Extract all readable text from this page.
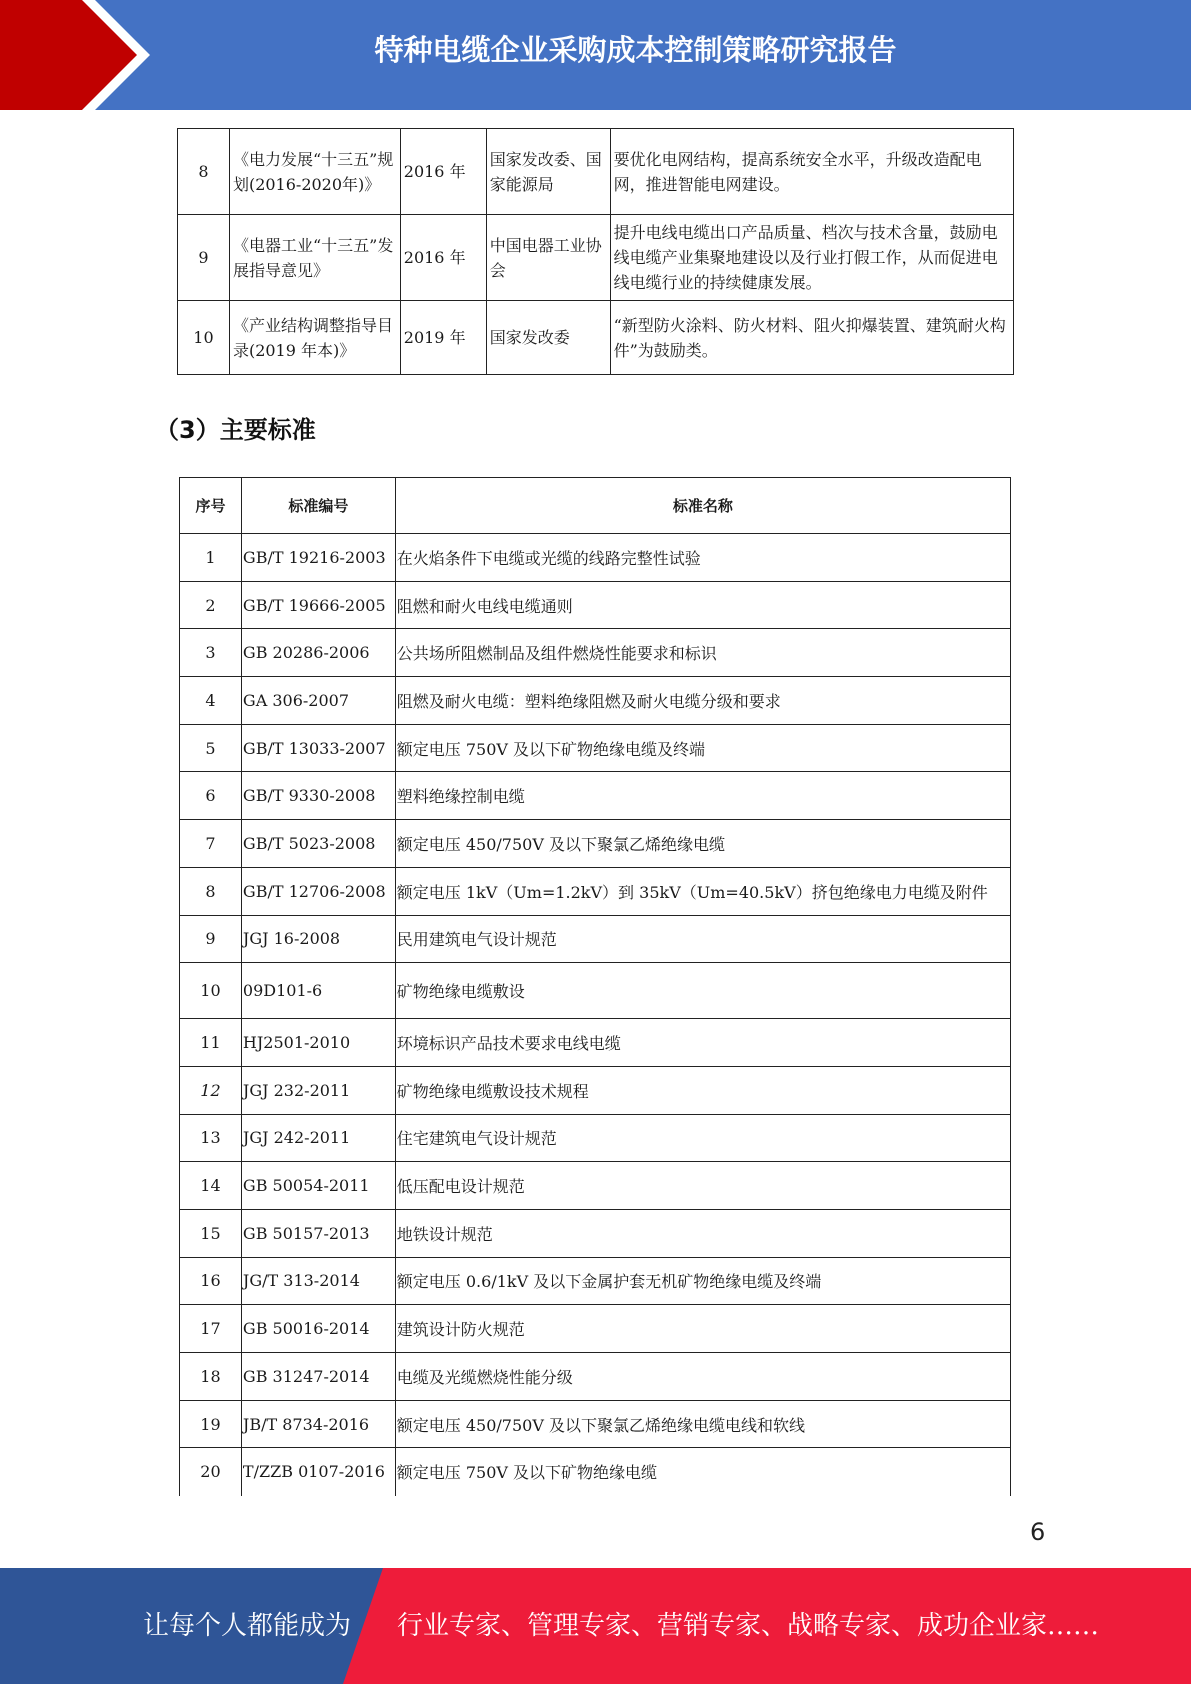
特种电缆企业采购成本控制策略研究报告
8	《电力发展“十三五”规划(2016-2020年)》	2016 年	国家发改委、国家能源局	要优化电网结构，提高系统安全水平，升级改造配电网，推进智能电网建设。
9	《电器工业“十三五”发展指导意见》	2016 年	中国电器工业协会	提升电线电缆出口产品质量、档次与技术含量，鼓励电线电缆产业集聚地建设以及行业打假工作，从而促进电线电缆行业的持续健康发展。
10	《产业结构调整指导目录(2019 年本)》	2019 年	国家发改委	“新型防火涂料、防火材料、阻火抑爆装置、建筑耐火构件”为鼓励类。
（3）主要标准
序号	标准编号	标准名称
1	GB/T 19216-2003	在火焰条件下电缆或光缆的线路完整性试验
2	GB/T 19666-2005	阻燃和耐火电线电缆通则
3	GB 20286-2006	公共场所阻燃制品及组件燃烧性能要求和标识
4	GA 306-2007	阻燃及耐火电缆：塑料绝缘阻燃及耐火电缆分级和要求
5	GB/T 13033-2007	额定电压 750V 及以下矿物绝缘电缆及终端
6	GB/T 9330-2008	塑料绝缘控制电缆
7	GB/T 5023-2008	额定电压 450/750V 及以下聚氯乙烯绝缘电缆
8	GB/T 12706-2008	额定电压 1kV（Um=1.2kV）到 35kV（Um=40.5kV）挤包绝缘电力电缆及附件
9	JGJ 16-2008	民用建筑电气设计规范
10	09D101-6	矿物绝缘电缆敷设
11	HJ2501-2010	环境标识产品技术要求电线电缆
12	JGJ 232-2011	矿物绝缘电缆敷设技术规程
13	JGJ 242-2011	住宅建筑电气设计规范
14	GB 50054-2011	低压配电设计规范
15	GB 50157-2013	地铁设计规范
16	JG/T 313-2014	额定电压 0.6/1kV 及以下金属护套无机矿物绝缘电缆及终端
17	GB 50016-2014	建筑设计防火规范
18	GB 31247-2014	电缆及光缆燃烧性能分级
19	JB/T 8734-2016	额定电压 450/750V 及以下聚氯乙烯绝缘电缆电线和软线
20	T/ZZB 0107-2016	额定电压 750V 及以下矿物绝缘电缆
6
让每个人都能成为 行业专家、管理专家、营销专家、战略专家、成功企业家……
